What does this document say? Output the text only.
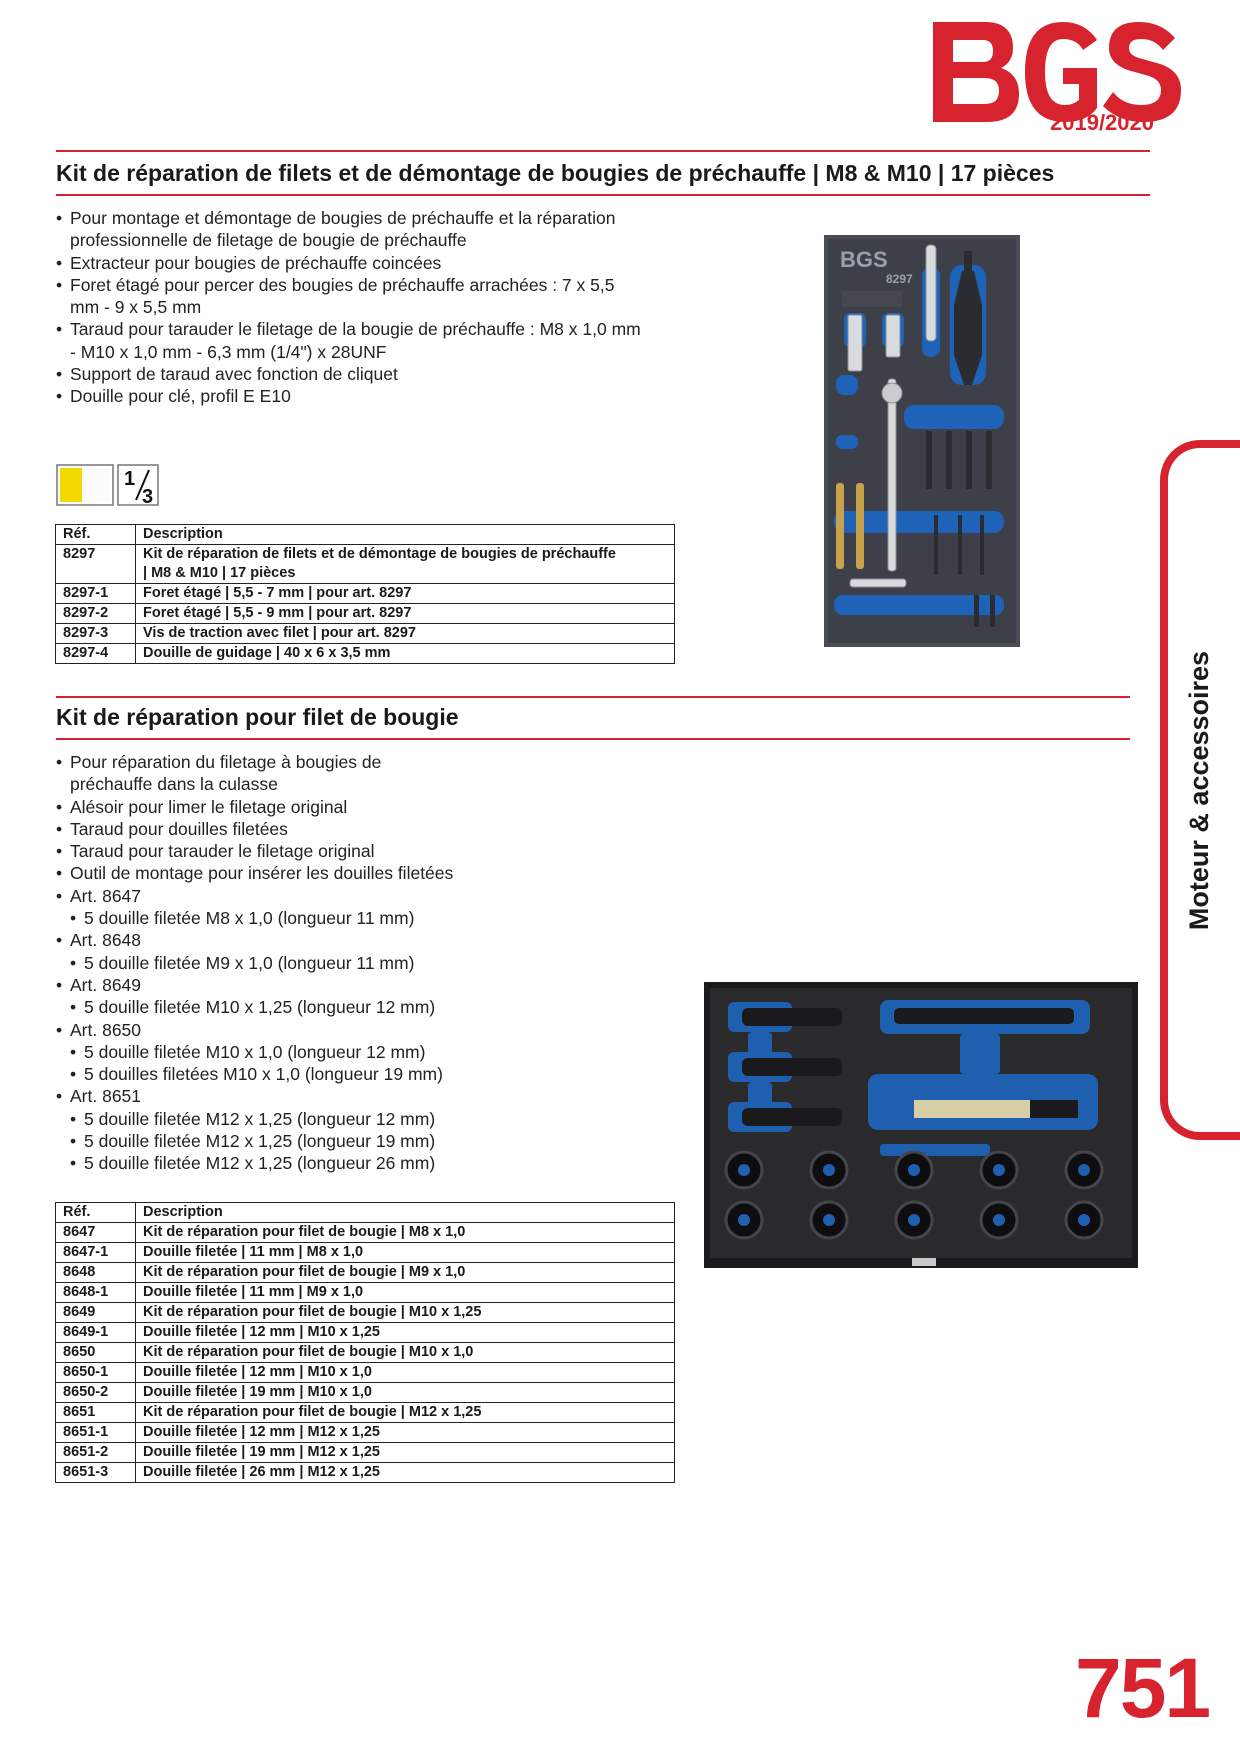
2019/2020
Kit de réparation de filets et de démontage de bougies de préchauffe | M8 & M10 | 17 pièces
• Pour montage et démontage de bougies de préchauffe et la réparation
professionnelle de filetage de bougie de préchauffe
• Extracteur pour bougies de préchauffe coincées
• Foret étagé pour percer des bougies de préchauffe arrachées : 7 x 5,5
mm - 9 x 5,5 mm
• Taraud pour tarauder le filetage de la bougie de préchauffe : M8 x 1,0 mm
- M10 x 1,0 mm - 6,3 mm (1/4") x 28UNF
• Support de taraud avec fonction de cliquet
• Douille pour clé, profil E E10
1
3
Réf.	Description
8297	Kit de réparation de filets et de démontage de bougies de préchauffe
| M8 & M10 | 17 pièces

8297-1	Foret étagé | 5,5 - 7 mm | pour art. 8297

8297-2	Foret étagé | 5,5 - 9 mm | pour art. 8297

8297-3	Vis de traction avec filet | pour art. 8297

8297-4	Douille de guidage | 40 x 6 x 3,5 mm
BGS
8297
Kit de réparation pour filet de bougie
• Pour réparation du filetage à bougies de
préchauffe dans la culasse
• Alésoir pour limer le filetage original
• Taraud pour douilles filetées
• Taraud pour tarauder le filetage original
• Outil de montage pour insérer les douilles filetées
• Art. 8647
• 5 douille filetée M8 x 1,0 (longueur 11 mm)
• Art. 8648
• 5 douille filetée M9 x 1,0 (longueur 11 mm)
• Art. 8649
• 5 douille filetée M10 x 1,25 (longueur 12 mm)
• Art. 8650
• 5 douille filetée M10 x 1,0 (longueur 12 mm)
• 5 douilles filetées M10 x 1,0 (longueur 19 mm)
• Art. 8651
• 5 douille filetée M12 x 1,25 (longueur 12 mm)
• 5 douille filetée M12 x 1,25 (longueur 19 mm)
• 5 douille filetée M12 x 1,25 (longueur 26 mm)
Réf.	Description
8647	Kit de réparation pour filet de bougie | M8 x 1,0

8647-1	Douille filetée | 11 mm | M8 x 1,0

8648	Kit de réparation pour filet de bougie | M9 x 1,0

8648-1	Douille filetée | 11 mm | M9 x 1,0

8649	Kit de réparation pour filet de bougie | M10 x 1,25

8649-1	Douille filetée | 12 mm | M10 x 1,25

8650	Kit de réparation pour filet de bougie | M10 x 1,0

8650-1	Douille filetée | 12 mm | M10 x 1,0

8650-2	Douille filetée | 19 mm | M10 x 1,0

8651	Kit de réparation pour filet de bougie | M12 x 1,25

8651-1	Douille filetée | 12 mm | M12 x 1,25

8651-2	Douille filetée | 19 mm | M12 x 1,25

8651-3	Douille filetée | 26 mm | M12 x 1,25
Moteur & accessoires
751
